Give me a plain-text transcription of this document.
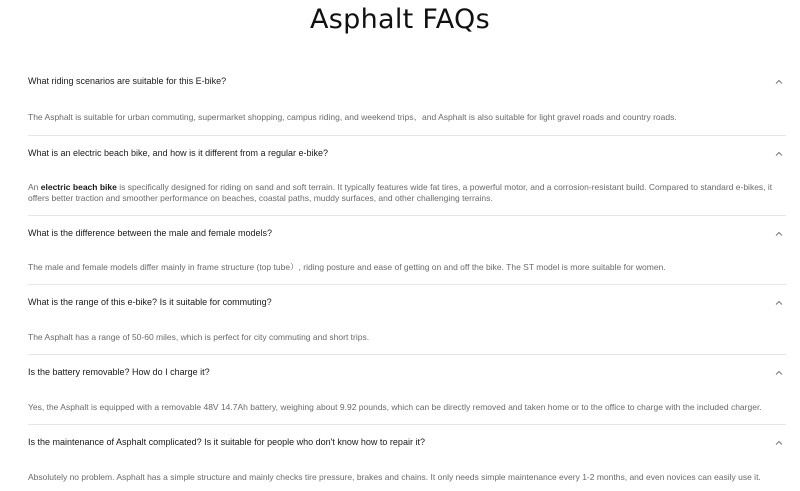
Asphalt FAQs
What riding scenarios are suitable for this E-bike?
The Asphalt is suitable for urban commuting, supermarket shopping, campus riding, and weekend trips、and Asphalt is also suitable for light gravel roads and country roads.
What is an electric beach bike, and how is it different from a regular e-bike?
An electric beach bike is specifically designed for riding on sand and soft terrain. It typically features wide fat tires, a powerful motor, and a corrosion-resistant build. Compared to standard e-bikes, it offers better traction and smoother performance on beaches, coastal paths, muddy surfaces, and other challenging terrains.
What is the difference between the male and female models?
The male and female models differ mainly in frame structure (top tube）, riding posture and ease of getting on and off the bike. The ST model is more suitable for women.
What is the range of this e-bike? Is it suitable for commuting?
The Asphalt has a range of 50-60 miles, which is perfect for city commuting and short trips.
Is the battery removable? How do I charge it?
Yes, the Asphalt is equipped with a removable 48V 14.7Ah battery, weighing about 9.92 pounds, which can be directly removed and taken home or to the office to charge with the included charger.
Is the maintenance of Asphalt complicated? Is it suitable for people who don't know how to repair it?
Absolutely no problem. Asphalt has a simple structure and mainly checks tire pressure, brakes and chains. It only needs simple maintenance every 1-2 months, and even novices can easily use it.
